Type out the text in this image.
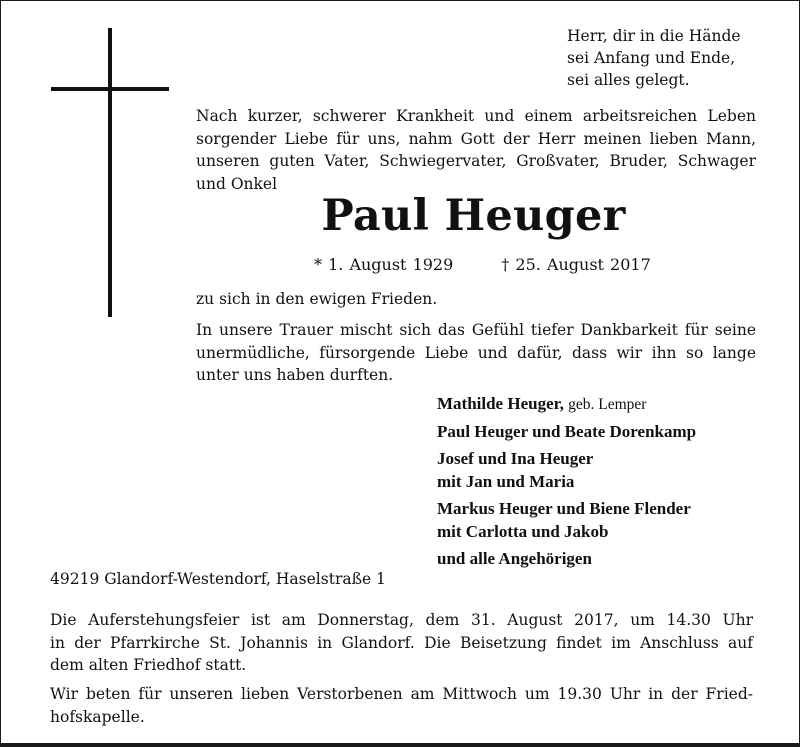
Herr, dir in die Hände
sei Anfang und Ende,
sei alles gelegt.
Nach kurzer, schwerer Krankheit und einem arbeitsreichen Leben
sorgender Liebe für uns, nahm Gott der Herr meinen lieben Mann,
unseren guten Vater, Schwiegervater, Großvater, Bruder, Schwager
und Onkel
Paul Heuger
* 1. August 1929	† 25. August 2017
zu sich in den ewigen Frieden.
In unsere Trauer mischt sich das Gefühl tiefer Dankbarkeit für seine
unermüdliche, fürsorgende Liebe und dafür, dass wir ihn so lange
unter uns haben durften.
Mathilde Heuger, geb. Lemper
Paul Heuger und Beate Dorenkamp
Josef und Ina Heuger
mit Jan und Maria
Markus Heuger und Biene Flender
mit Carlotta und Jakob
und alle Angehörigen
49219 Glandorf-Westendorf, Haselstraße 1
Die Auferstehungsfeier ist am Donnerstag, dem 31. August 2017, um 14.30 Uhr
in der Pfarrkirche St. Johannis in Glandorf. Die Beisetzung findet im Anschluss auf
dem alten Friedhof statt.
Wir beten für unseren lieben Verstorbenen am Mittwoch um 19.30 Uhr in der Fried-
hofskapelle.
